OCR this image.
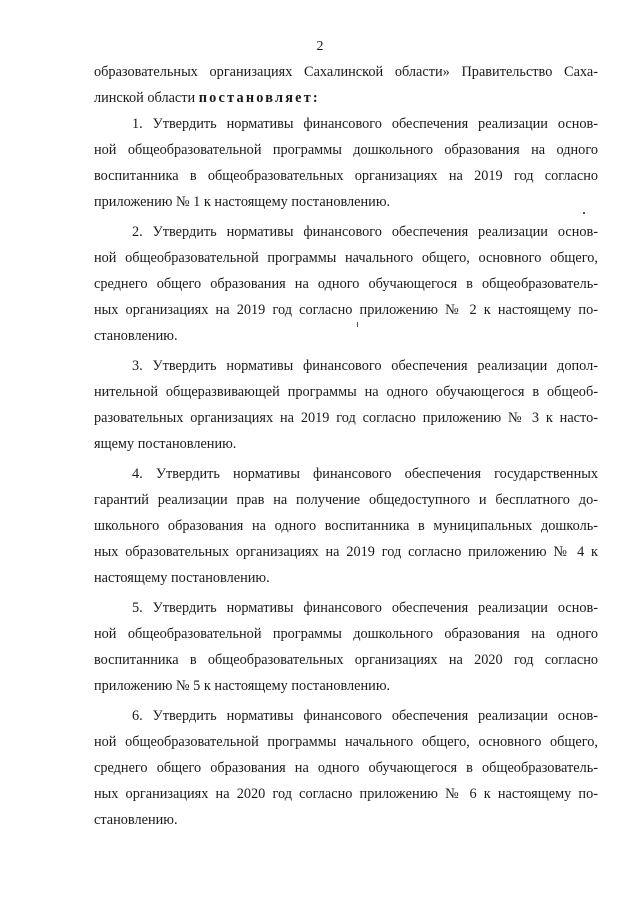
2
образовательных организациях Сахалинской области» Правительство Саха-
линской области постановляет:
1. Утвердить нормативы финансового обеспечения реализации основ-
ной общеобразовательной программы дошкольного образования на одного
воспитанника в общеобразовательных организациях на 2019 год согласно
приложению № 1 к настоящему постановлению.
2. Утвердить нормативы финансового обеспечения реализации основ-
ной общеобразовательной программы начального общего, основного общего,
среднего общего образования на одного обучающегося в общеобразователь-
ных организациях на 2019 год согласно приложению № 2 к настоящему по-
становлению.
3. Утвердить нормативы финансового обеспечения реализации допол-
нительной общеразвивающей программы на одного обучающегося в общеоб-
разовательных организациях на 2019 год согласно приложению № 3 к насто-
ящему постановлению.
4. Утвердить нормативы финансового обеспечения государственных
гарантий реализации прав на получение общедоступного и бесплатного до-
школьного образования на одного воспитанника в муниципальных дошколь-
ных образовательных организациях на 2019 год согласно приложению № 4 к
настоящему постановлению.
5. Утвердить нормативы финансового обеспечения реализации основ-
ной общеобразовательной программы дошкольного образования на одного
воспитанника в общеобразовательных организациях на 2020 год согласно
приложению № 5 к настоящему постановлению.
6. Утвердить нормативы финансового обеспечения реализации основ-
ной общеобразовательной программы начального общего, основного общего,
среднего общего образования на одного обучающегося в общеобразователь-
ных организациях на 2020 год согласно приложению № 6 к настоящему по-
становлению.
